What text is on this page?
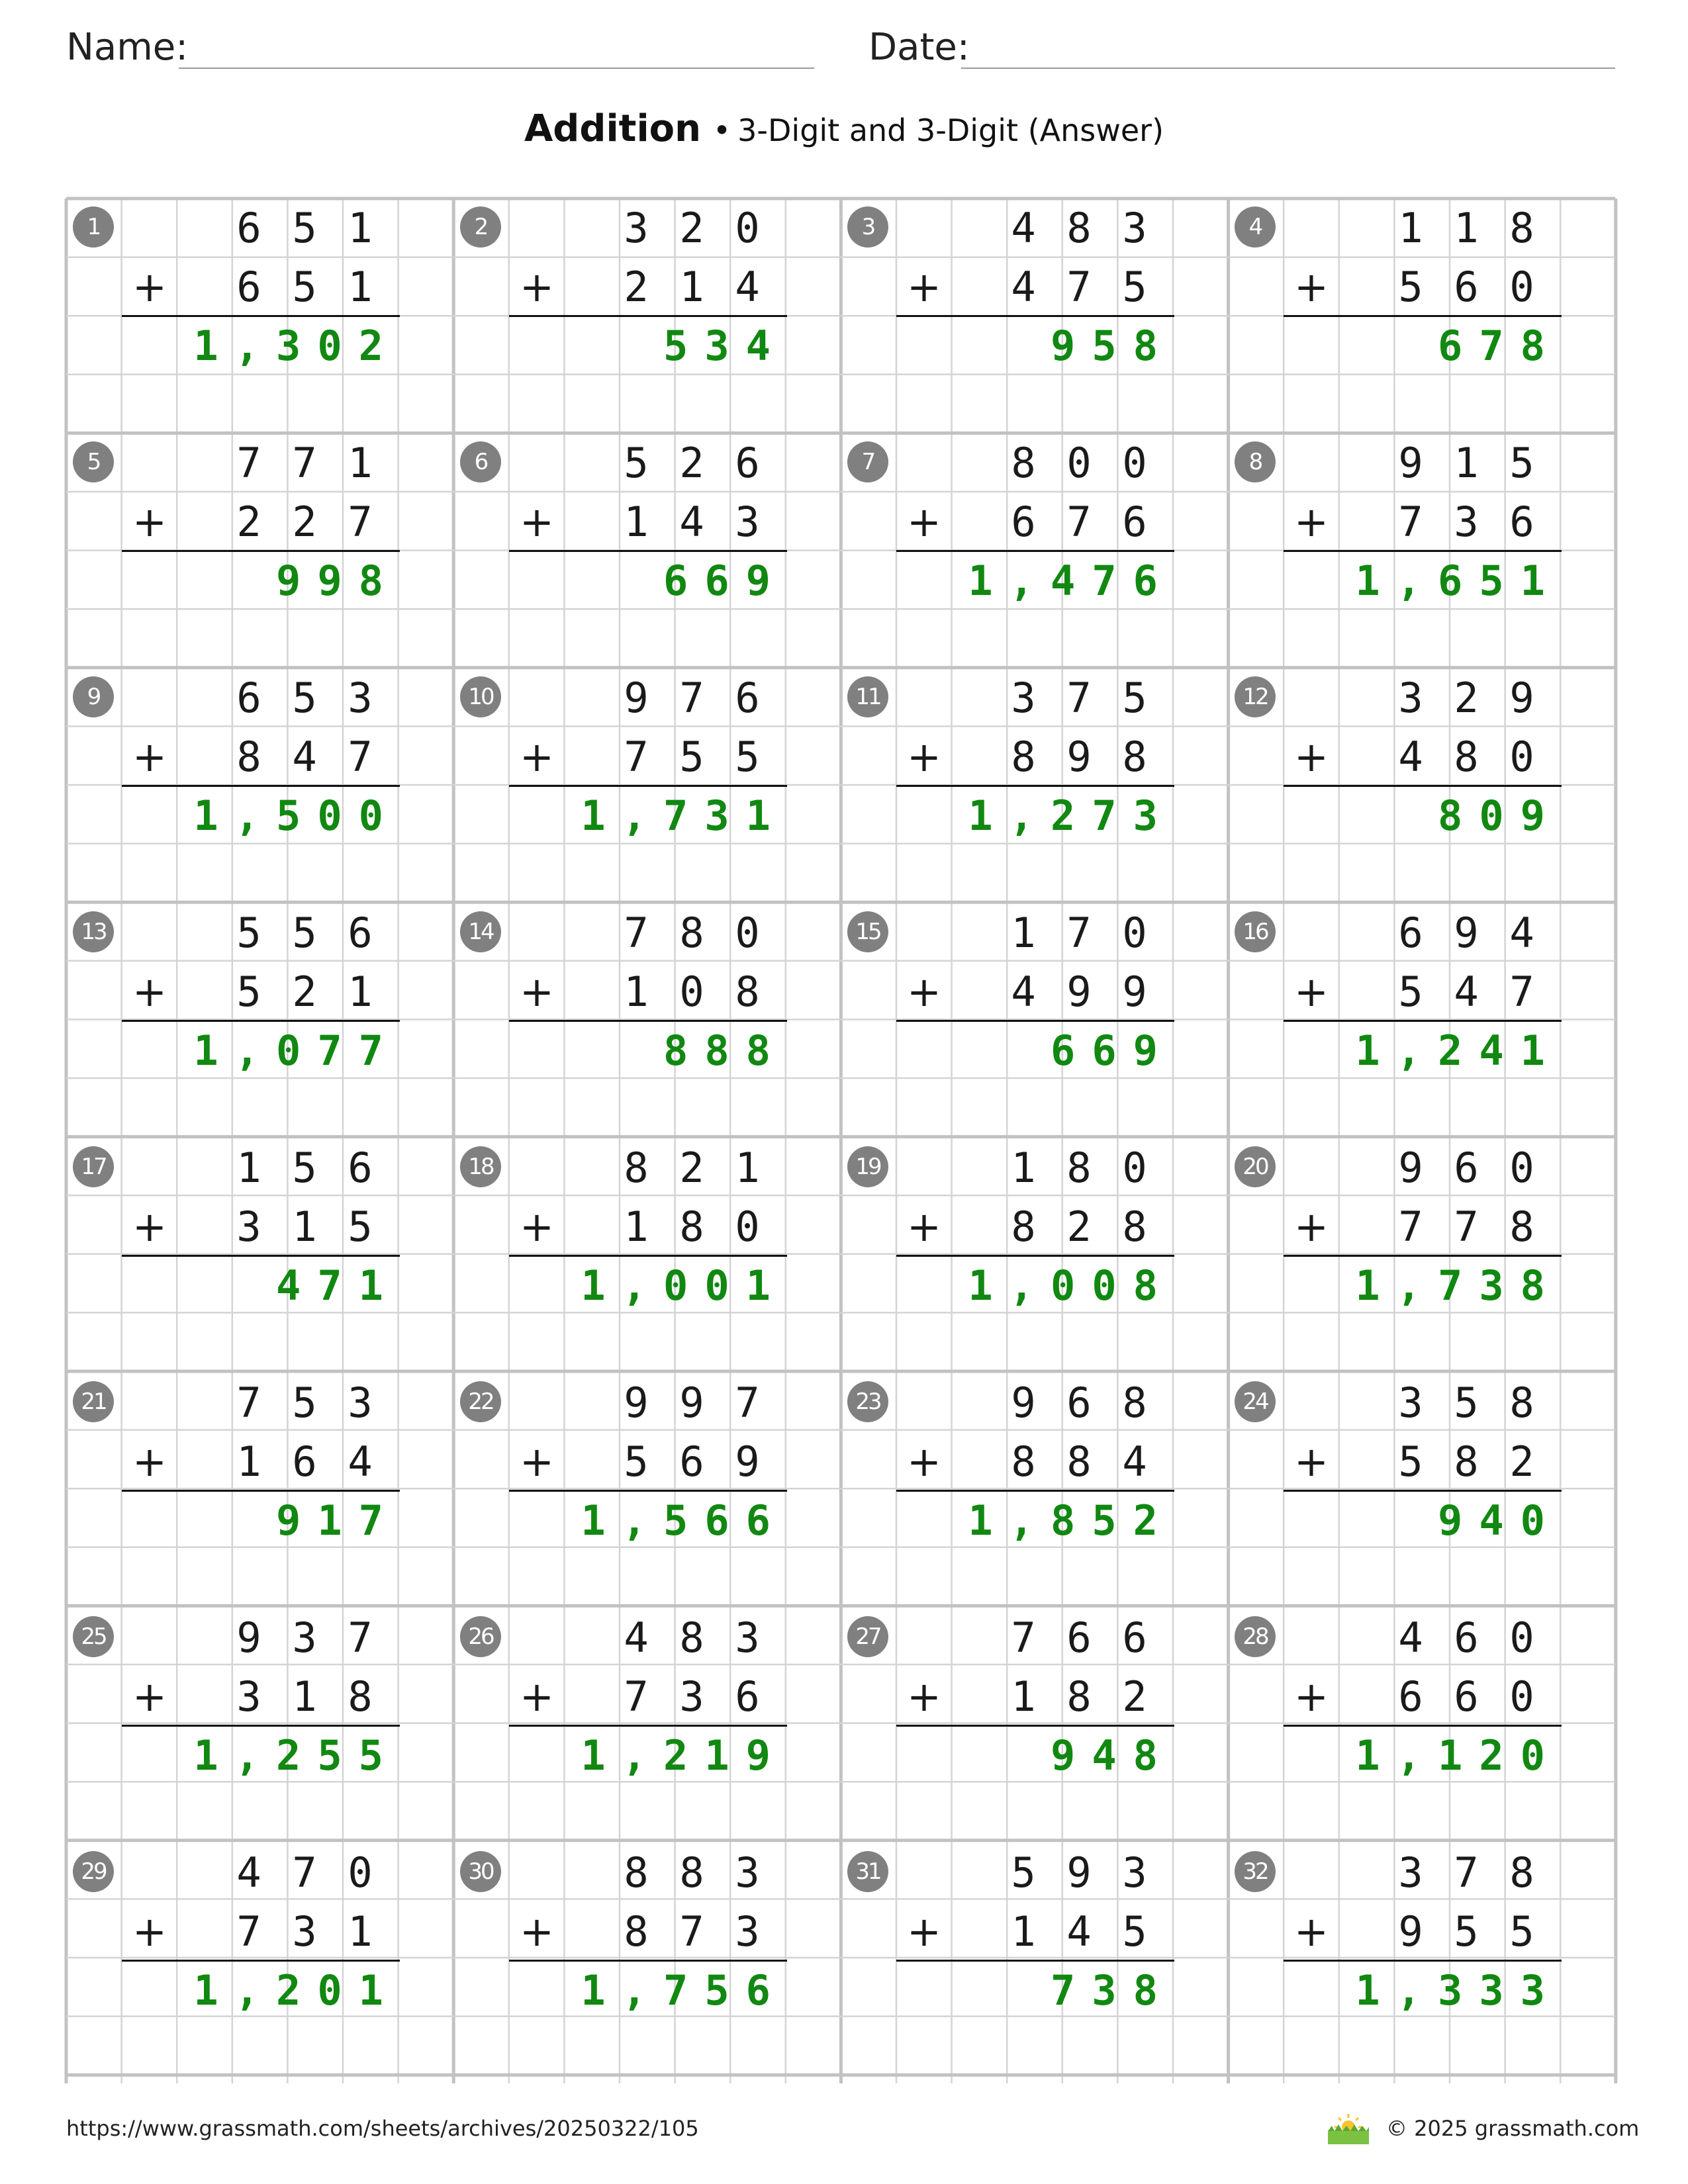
Name:	Date:
Addition • 3-Digit and 3-Digit (Answer)
1	6 5 1
6 5 1
+
1,302
2	3 2 0
2 1 4
+
534
3	4 8 3
4 7 5
+
958
4	1 1 8
5 6 0
+
678
5	7 7 1
2 2 7
+
998
6	5 2 6
1 4 3
+
669
7	8 0 0
6 7 6
+
1,476
8	9 1 5
7 3 6
+
1,651
9	6 5 3
8 4 7
+
1,500
10	9 7 6
7 5 5
+
1,731
11	3 7 5
8 9 8
+
1,273
12	3 2 9
4 8 0
+
809
13	5 5 6
5 2 1
+
1,077
14	7 8 0
1 0 8
+
888
15	1 7 0
4 9 9
+
669
16	6 9 4
5 4 7
+
1,241
17	1 5 6
3 1 5
+
471
18	8 2 1
1 8 0
+
1,001
19	1 8 0
8 2 8
+
1,008
20	9 6 0
7 7 8
+
1,738
21	7 5 3
1 6 4
+
917
22	9 9 7
5 6 9
+
1,566
23	9 6 8
8 8 4
+
1,852
24	3 5 8
5 8 2
+
940
25	9 3 7
3 1 8
+
1,255
26	4 8 3
7 3 6
+
1,219
27	7 6 6
1 8 2
+
948
28	4 6 0
6 6 0
+
1,120
29	4 7 0
7 3 1
+
1,201
30	8 8 3
8 7 3
+
1,756
31	5 9 3
1 4 5
+
738
32	3 7 8
9 5 5
+
1,333
https://www.grassmath.com/sheets/archives/20250322/105	© 2025 grassmath.com
